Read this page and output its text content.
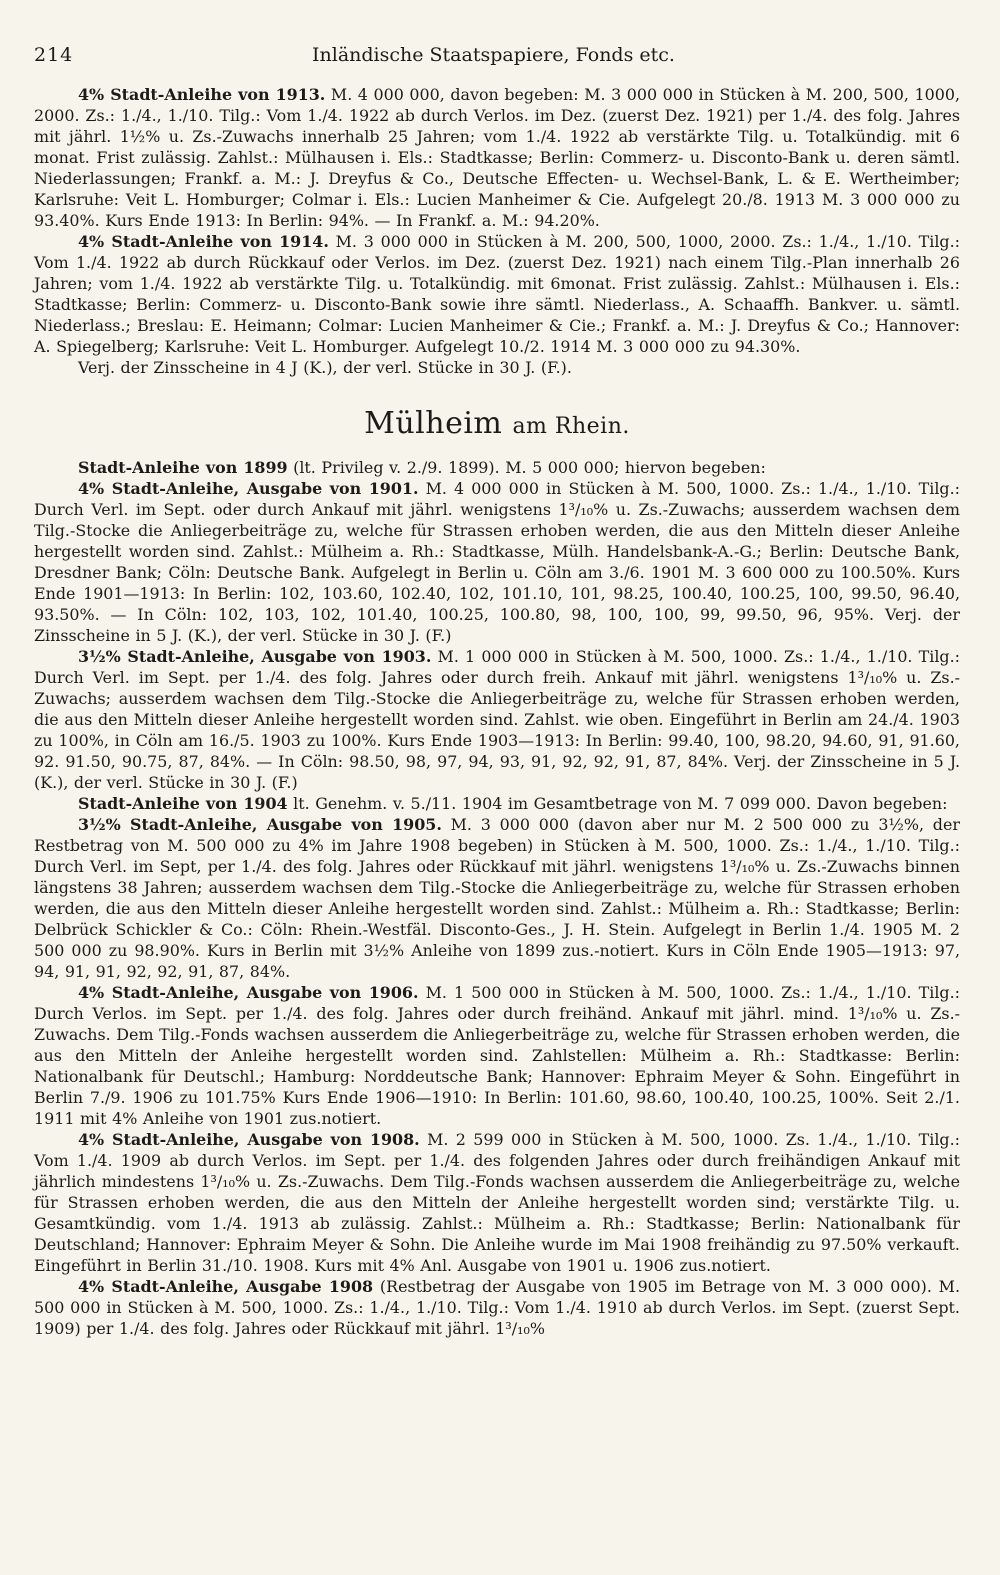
214	Inländische Staatspapiere, Fonds etc.

4% Stadt-Anleihe von 1913. M. 4 000 000, davon begeben: M. 3 000 000 in Stücken à M. 200, 500, 1000, 2000. Zs.: 1./4., 1./10. Tilg.: Vom 1./4. 1922 ab durch Verlos. im Dez. (zuerst Dez. 1921) per 1./4. des folg. Jahres mit jährl. 1½% u. Zs.-Zuwachs innerhalb 25 Jahren; vom 1./4. 1922 ab verstärkte Tilg. u. Totalkündig. mit 6 monat. Frist zulässig. Zahlst.: Mülhausen i. Els.: Stadtkasse; Berlin: Commerz- u. Disconto-Bank u. deren sämtl. Niederlassungen; Frankf. a. M.: J. Dreyfus & Co., Deutsche Effecten- u. Wechsel-Bank, L. & E. Wertheimber; Karlsruhe: Veit L. Homburger; Colmar i. Els.: Lucien Manheimer & Cie. Aufgelegt 20./8. 1913 M. 3 000 000 zu 93.40%. Kurs Ende 1913: In Berlin: 94%. — In Frankf. a. M.: 94.20%.

4% Stadt-Anleihe von 1914. M. 3 000 000 in Stücken à M. 200, 500, 1000, 2000. Zs.: 1./4., 1./10. Tilg.: Vom 1./4. 1922 ab durch Rückkauf oder Verlos. im Dez. (zuerst Dez. 1921) nach einem Tilg.-Plan innerhalb 26 Jahren; vom 1./4. 1922 ab verstärkte Tilg. u. Totalkündig. mit 6monat. Frist zulässig. Zahlst.: Mülhausen i. Els.: Stadtkasse; Berlin: Commerz- u. Disconto-Bank sowie ihre sämtl. Niederlass., A. Schaaffh. Bankver. u. sämtl. Niederlass.; Breslau: E. Heimann; Colmar: Lucien Manheimer & Cie.; Frankf. a. M.: J. Dreyfus & Co.; Hannover: A. Spiegelberg; Karlsruhe: Veit L. Homburger. Aufgelegt 10./2. 1914 M. 3 000 000 zu 94.30%.

Verj. der Zinsscheine in 4 J (K.), der verl. Stücke in 30 J. (F.).

Mülheim am Rhein.

Stadt-Anleihe von 1899 (lt. Privileg v. 2./9. 1899). M. 5 000 000; hiervon begeben:

4% Stadt-Anleihe, Ausgabe von 1901. M. 4 000 000 in Stücken à M. 500, 1000. Zs.: 1./4., 1./10. Tilg.: Durch Verl. im Sept. oder durch Ankauf mit jährl. wenigstens 1³/₁₀% u. Zs.-Zuwachs; ausserdem wachsen dem Tilg.-Stocke die Anliegerbeiträge zu, welche für Strassen erhoben werden, die aus den Mitteln dieser Anleihe hergestellt worden sind. Zahlst.: Mülheim a. Rh.: Stadtkasse, Mülh. Handelsbank-A.-G.; Berlin: Deutsche Bank, Dresdner Bank; Cöln: Deutsche Bank. Aufgelegt in Berlin u. Cöln am 3./6. 1901 M. 3 600 000 zu 100.50%. Kurs Ende 1901—1913: In Berlin: 102, 103.60, 102.40, 102, 101.10, 101, 98.25, 100.40, 100.25, 100, 99.50, 96.40, 93.50%. — In Cöln: 102, 103, 102, 101.40, 100.25, 100.80, 98, 100, 100, 99, 99.50, 96, 95%. Verj. der Zinsscheine in 5 J. (K.), der verl. Stücke in 30 J. (F.)

3½% Stadt-Anleihe, Ausgabe von 1903. M. 1 000 000 in Stücken à M. 500, 1000. Zs.: 1./4., 1./10. Tilg.: Durch Verl. im Sept. per 1./4. des folg. Jahres oder durch freih. Ankauf mit jährl. wenigstens 1³/₁₀% u. Zs.-Zuwachs; ausserdem wachsen dem Tilg.-Stocke die Anliegerbeiträge zu, welche für Strassen erhoben werden, die aus den Mitteln dieser Anleihe hergestellt worden sind. Zahlst. wie oben. Eingeführt in Berlin am 24./4. 1903 zu 100%, in Cöln am 16./5. 1903 zu 100%. Kurs Ende 1903—1913: In Berlin: 99.40, 100, 98.20, 94.60, 91, 91.60, 92. 91.50, 90.75, 87, 84%. — In Cöln: 98.50, 98, 97, 94, 93, 91, 92, 92, 91, 87, 84%. Verj. der Zinsscheine in 5 J. (K.), der verl. Stücke in 30 J. (F.)

Stadt-Anleihe von 1904 lt. Genehm. v. 5./11. 1904 im Gesamtbetrage von M. 7 099 000. Davon begeben:

3½% Stadt-Anleihe, Ausgabe von 1905. M. 3 000 000 (davon aber nur M. 2 500 000 zu 3½%, der Restbetrag von M. 500 000 zu 4% im Jahre 1908 begeben) in Stücken à M. 500, 1000. Zs.: 1./4., 1./10. Tilg.: Durch Verl. im Sept, per 1./4. des folg. Jahres oder Rückkauf mit jährl. wenigstens 1³/₁₀% u. Zs.-Zuwachs binnen längstens 38 Jahren; ausserdem wachsen dem Tilg.-Stocke die Anliegerbeiträge zu, welche für Strassen erhoben werden, die aus den Mitteln dieser Anleihe hergestellt worden sind. Zahlst.: Mülheim a. Rh.: Stadtkasse; Berlin: Delbrück Schickler & Co.: Cöln: Rhein.-Westfäl. Disconto-Ges., J. H. Stein. Aufgelegt in Berlin 1./4. 1905 M. 2 500 000 zu 98.90%. Kurs in Berlin mit 3½% Anleihe von 1899 zus.-notiert. Kurs in Cöln Ende 1905—1913: 97, 94, 91, 91, 92, 92, 91, 87, 84%.

4% Stadt-Anleihe, Ausgabe von 1906. M. 1 500 000 in Stücken à M. 500, 1000. Zs.: 1./4., 1./10. Tilg.: Durch Verlos. im Sept. per 1./4. des folg. Jahres oder durch freihänd. Ankauf mit jährl. mind. 1³/₁₀% u. Zs.-Zuwachs. Dem Tilg.-Fonds wachsen ausserdem die Anliegerbeiträge zu, welche für Strassen erhoben werden, die aus den Mitteln der Anleihe hergestellt worden sind. Zahlstellen: Mülheim a. Rh.: Stadtkasse: Berlin: Nationalbank für Deutschl.; Hamburg: Norddeutsche Bank; Hannover: Ephraim Meyer & Sohn. Eingeführt in Berlin 7./9. 1906 zu 101.75% Kurs Ende 1906—1910: In Berlin: 101.60, 98.60, 100.40, 100.25, 100%. Seit 2./1. 1911 mit 4% Anleihe von 1901 zus.notiert.

4% Stadt-Anleihe, Ausgabe von 1908. M. 2 599 000 in Stücken à M. 500, 1000. Zs. 1./4., 1./10. Tilg.: Vom 1./4. 1909 ab durch Verlos. im Sept. per 1./4. des folgenden Jahres oder durch freihändigen Ankauf mit jährlich mindestens 1³/₁₀% u. Zs.-Zuwachs. Dem Tilg.-Fonds wachsen ausserdem die Anliegerbeiträge zu, welche für Strassen erhoben werden, die aus den Mitteln der Anleihe hergestellt worden sind; verstärkte Tilg. u. Gesamtkündig. vom 1./4. 1913 ab zulässig. Zahlst.: Mülheim a. Rh.: Stadtkasse; Berlin: Nationalbank für Deutschland; Hannover: Ephraim Meyer & Sohn. Die Anleihe wurde im Mai 1908 freihändig zu 97.50% verkauft. Eingeführt in Berlin 31./10. 1908. Kurs mit 4% Anl. Ausgabe von 1901 u. 1906 zus.notiert.

4% Stadt-Anleihe, Ausgabe 1908 (Restbetrag der Ausgabe von 1905 im Betrage von M. 3 000 000). M. 500 000 in Stücken à M. 500, 1000. Zs.: 1./4., 1./10. Tilg.: Vom 1./4. 1910 ab durch Verlos. im Sept. (zuerst Sept. 1909) per 1./4. des folg. Jahres oder Rückkauf mit jährl. 1³/₁₀%
